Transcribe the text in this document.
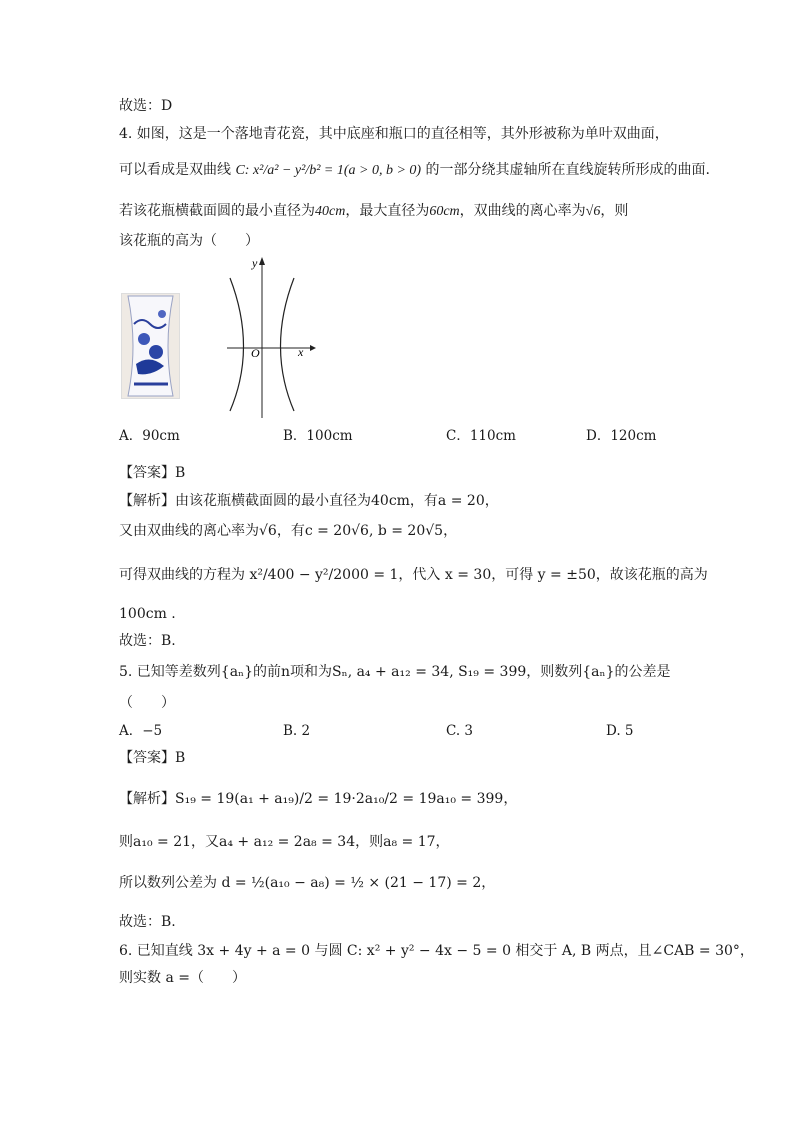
故选：D
4. 如图，这是一个落地青花瓷，其中底座和瓶口的直径相等，其外形被称为单叶双曲面，
可以看成是双曲线 C: x²/a² − y²/b² = 1(a > 0, b > 0) 的一部分绕其虚轴所在直线旋转所形成的曲面.
若该花瓶横截面圆的最小直径为40cm，最大直径为60cm，双曲线的离心率为√6，则
该花瓶的高为（　　）
O	x
y
A．90cm	B．100cm	C．110cm	D．120cm
【答案】B
【解析】由该花瓶横截面圆的最小直径为40cm，有a = 20，
又由双曲线的离心率为√6，有c = 20√6, b = 20√5，
可得双曲线的方程为 x²/400 − y²/2000 = 1，代入 x = 30，可得 y = ±50，故该花瓶的高为
100cm .
故选：B.
5. 已知等差数列{aₙ}的前n项和为Sₙ, a₄ + a₁₂ = 34, S₁₉ = 399，则数列{aₙ}的公差是
（　　）
A．−5	B. 2	C. 3	D. 5
【答案】B
【解析】S₁₉ = 19(a₁ + a₁₉)/2 = 19·2a₁₀/2 = 19a₁₀ = 399，
则a₁₀ = 21，又a₄ + a₁₂ = 2a₈ = 34，则a₈ = 17，
所以数列公差为 d = ½(a₁₀ − a₈) = ½ × (21 − 17) = 2，
故选：B.
6. 已知直线 3x + 4y + a = 0 与圆 C: x² + y² − 4x − 5 = 0 相交于 A, B 两点，且∠CAB = 30°，
则实数 a =（　　）
